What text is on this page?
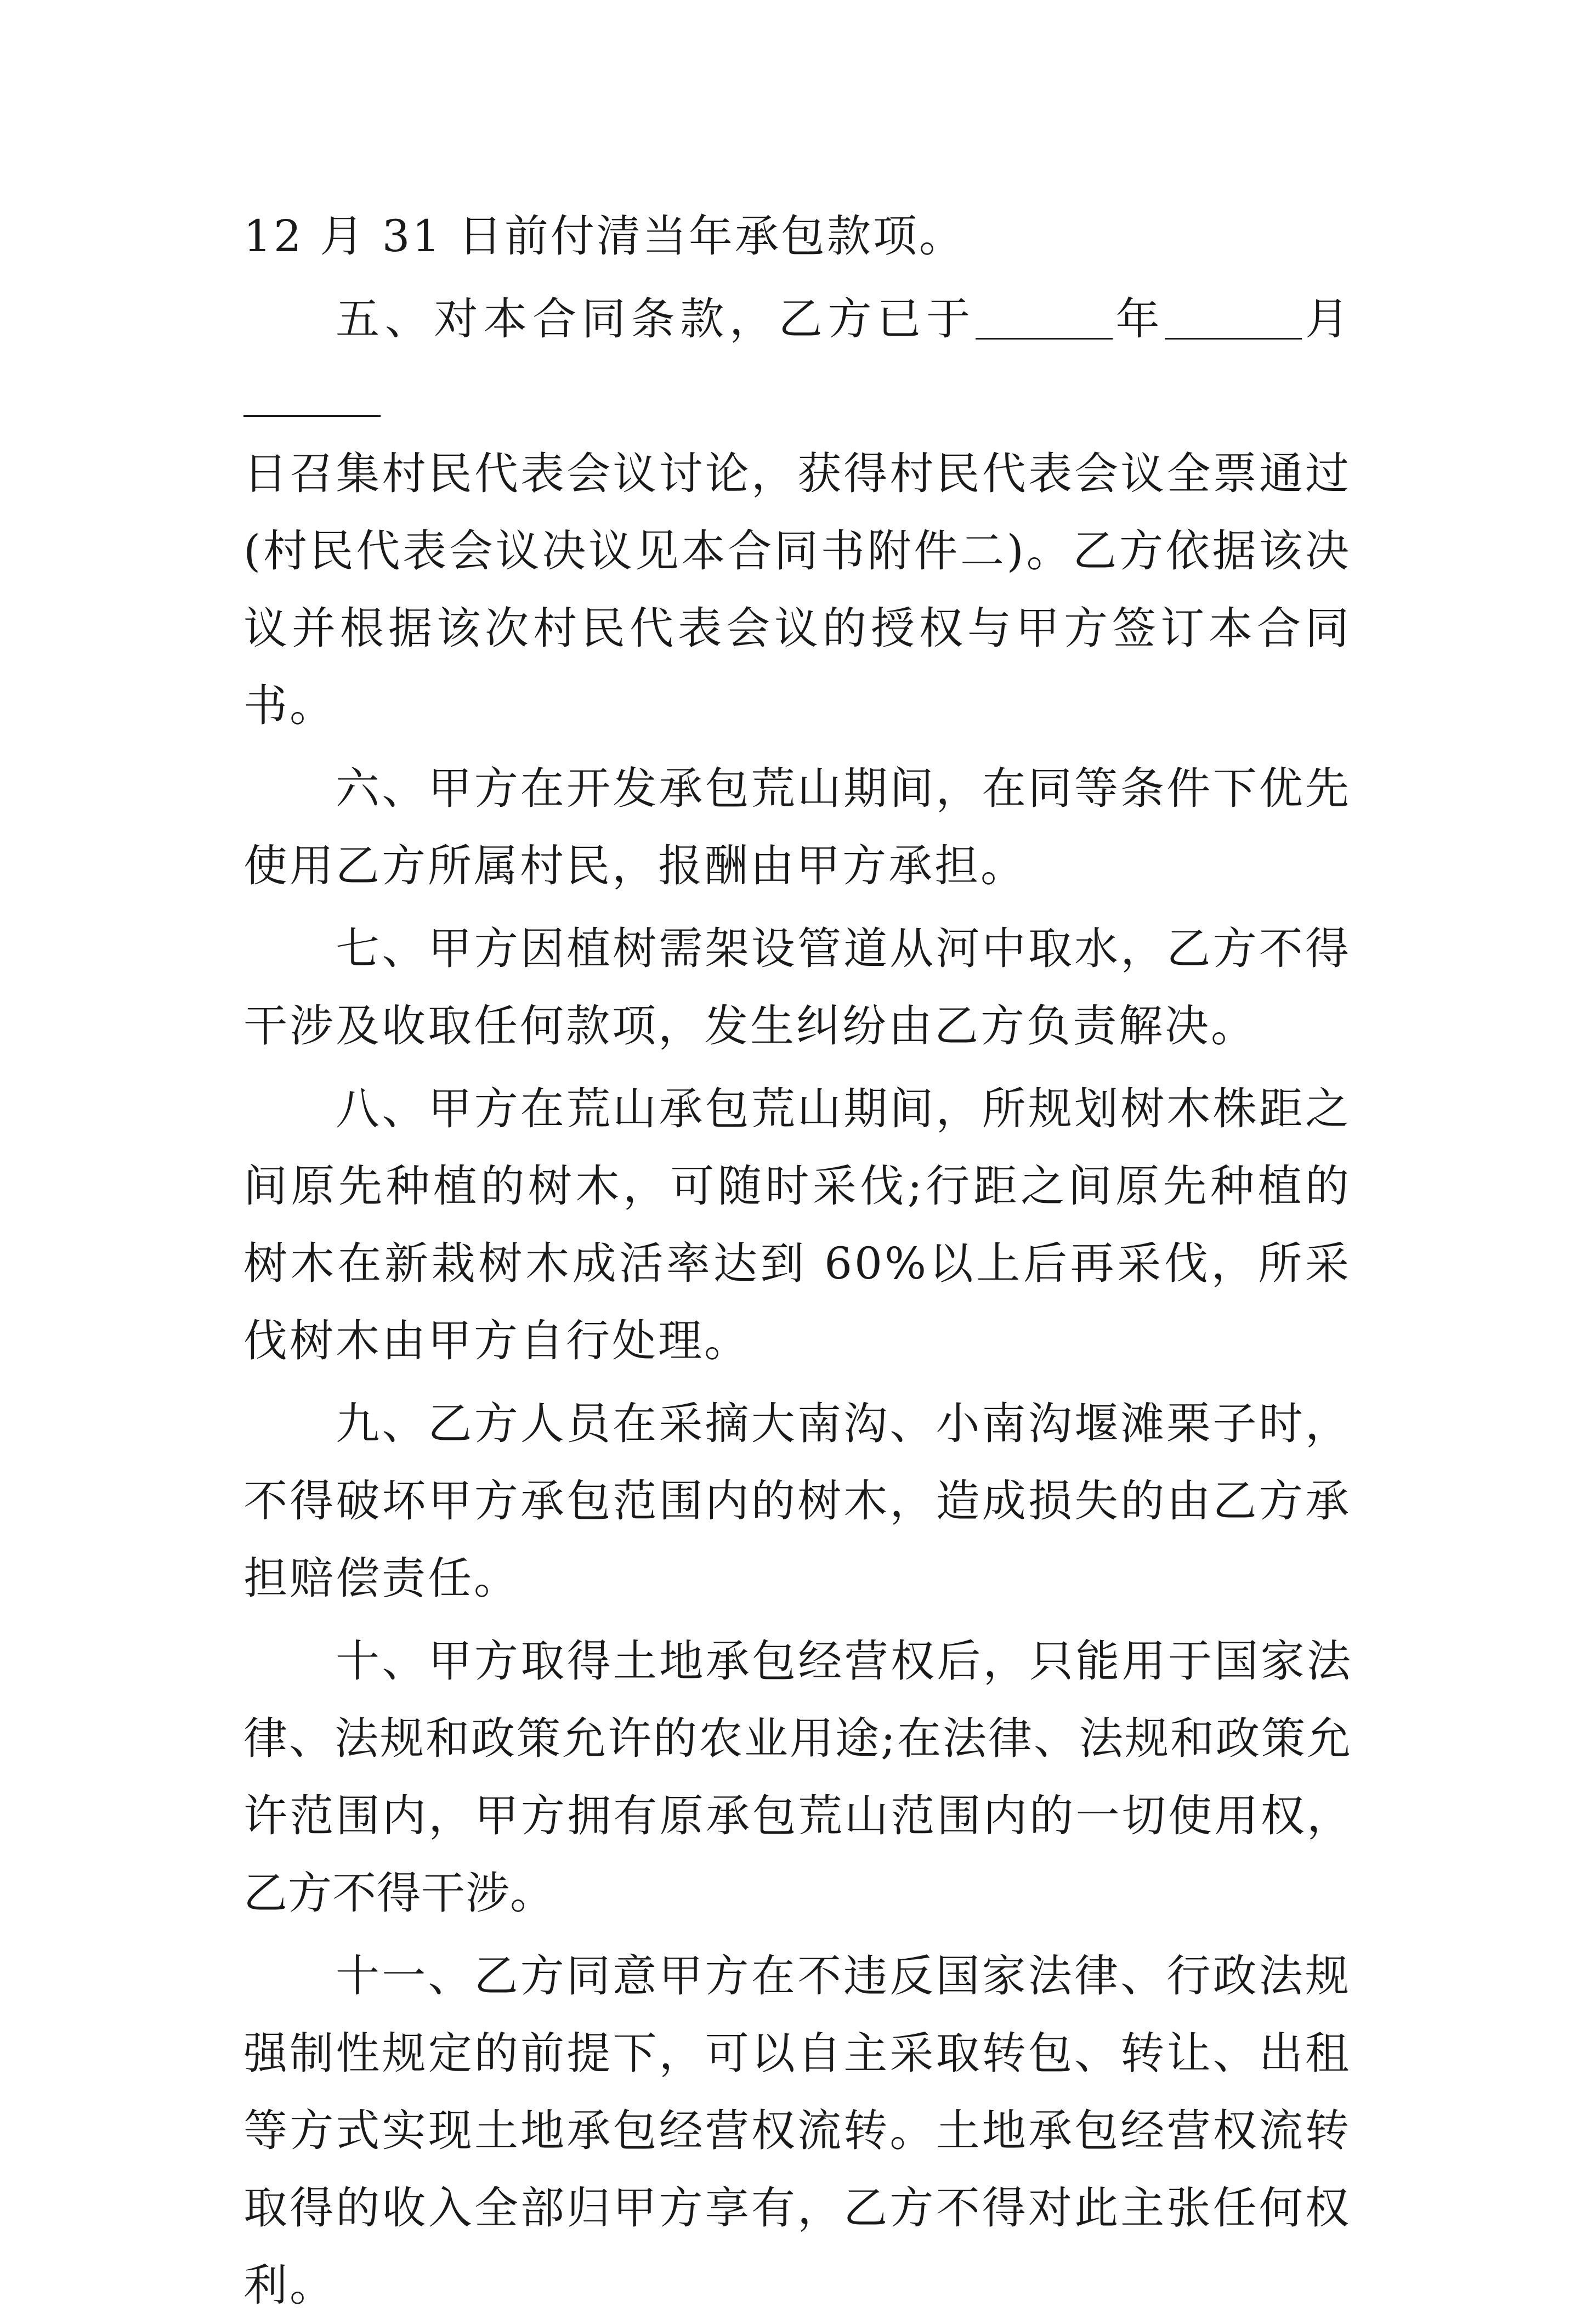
12 月 31 日前付清当年承包款项。

五、对本合同条款，乙方已于	年	月
日召集村民代表会议讨论，获得村民代表会议全票通过(村民代表会议决议见本合同书附件二)。乙方依据该决议并根据该次村民代表会议的授权与甲方签订本合同书。

六、甲方在开发承包荒山期间，在同等条件下优先使用乙方所属村民，报酬由甲方承担。

七、甲方因植树需架设管道从河中取水，乙方不得干涉及收取任何款项，发生纠纷由乙方负责解决。

八、甲方在荒山承包荒山期间，所规划树木株距之间原先种植的树木，可随时采伐;行距之间原先种植的树木在新栽树木成活率达到 60%以上后再采伐，所采伐树木由甲方自行处理。

九、乙方人员在采摘大南沟、小南沟堰滩栗子时，不得破坏甲方承包范围内的树木，造成损失的由乙方承担赔偿责任。

十、甲方取得土地承包经营权后，只能用于国家法律、法规和政策允许的农业用途;在法律、法规和政策允许范围内，甲方拥有原承包荒山范围内的一切使用权，乙方不得干涉。

十一、乙方同意甲方在不违反国家法律、行政法规强制性规定的前提下，可以自主采取转包、转让、出租等方式实现土地承包经营权流转。土地承包经营权流转取得的收入全部归甲方享有，乙方不得对此主张任何权利。
